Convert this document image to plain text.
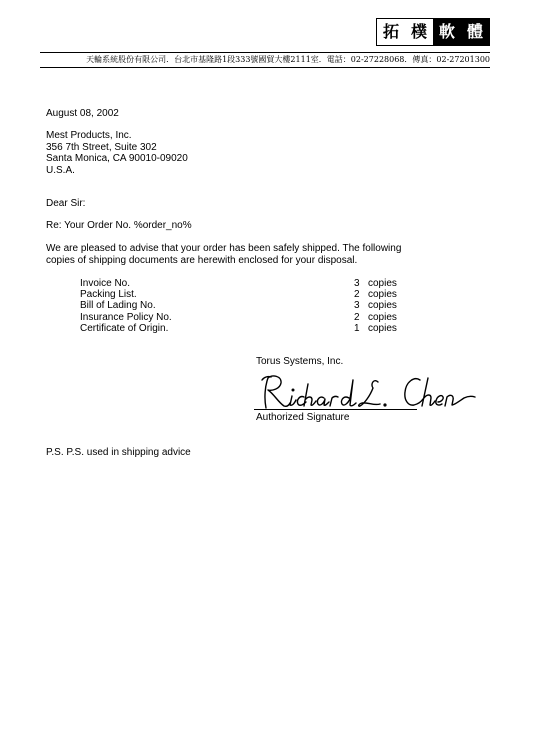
拓 樸 軟 體
天輪系統股份有限公司．台北市基隆路1段333號國貿大樓2111室．電話：02-27228068．傳真：02-27201300
August 08, 2002
Mest Products, Inc.
356 7th Street, Suite 302
Santa Monica, CA 90010-09020
U.S.A.
Dear Sir:
Re: Your Order No. %order_no%
We are pleased to advise that your order has been safely shipped. The following copies of shipping documents are herewith enclosed for your disposal.
Invoice No.	3 copies
Packing List.	2 copies
Bill of Lading No.	3 copies
Insurance Policy No.	2 copies
Certificate of Origin.	1 copies
Torus Systems, Inc.
Authorized Signature
P.S. P.S. used in shipping advice
